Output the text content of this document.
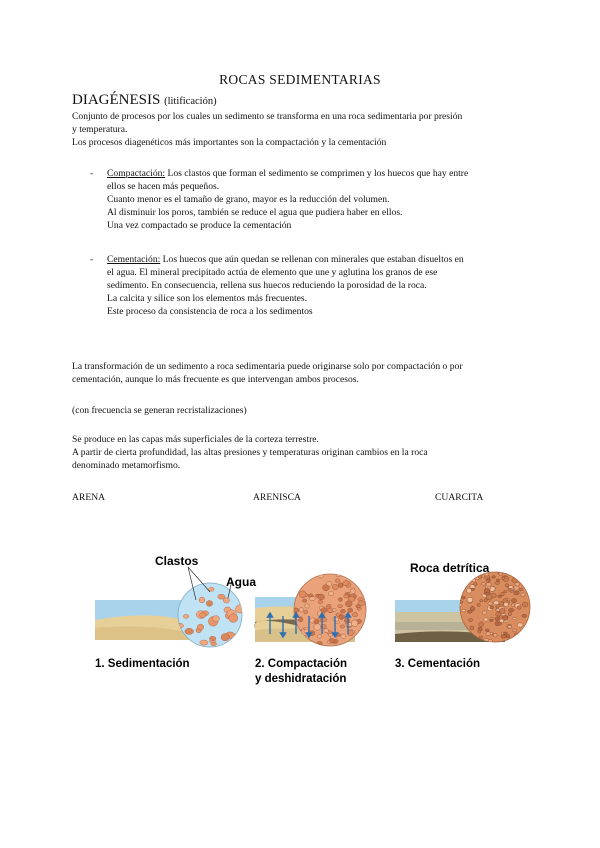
ROCAS SEDIMENTARIAS
DIAGÉNESIS (litificación)
Conjunto de procesos por los cuales un sedimento se transforma en una roca sedimentaria por presión
y temperatura.
Los procesos diagenéticos más importantes son la compactación y la cementación
- Compactación: Los clastos que forman el sedimento se comprimen y los huecos que hay entre
ellos se hacen más pequeños.
Cuanto menor es el tamaño de grano, mayor es la reducción del volumen.
Al disminuir los poros, también se reduce el agua que pudiera haber en ellos.
Una vez compactado se produce la cementación
- Cementación: Los huecos que aún quedan se rellenan con minerales que estaban disueltos en
el agua. El mineral precipitado actúa de elemento que une y aglutina los granos de ese
sedimento. En consecuencia, rellena sus huecos reduciendo la porosidad de la roca.
La calcita y sílice son los elementos más frecuentes.
Este proceso da consistencia de roca a los sedimentos
La transformación de un sedimento a roca sedimentaria puede originarse solo por compactación o por
cementación, aunque lo más frecuente es que intervengan ambos procesos.
(con frecuencia se generan recristalizaciones)
Se produce en las capas más superficiales de la corteza terrestre.
A partir de cierta profundidad, las altas presiones y temperaturas originan cambios en la roca
denominado metamorfismo.
ARENA	ARENISCA	CUARCITA
Clastos
Agua
Roca detrítica
1. Sedimentación	2. Compactación
y deshidratación
3. Cementación
